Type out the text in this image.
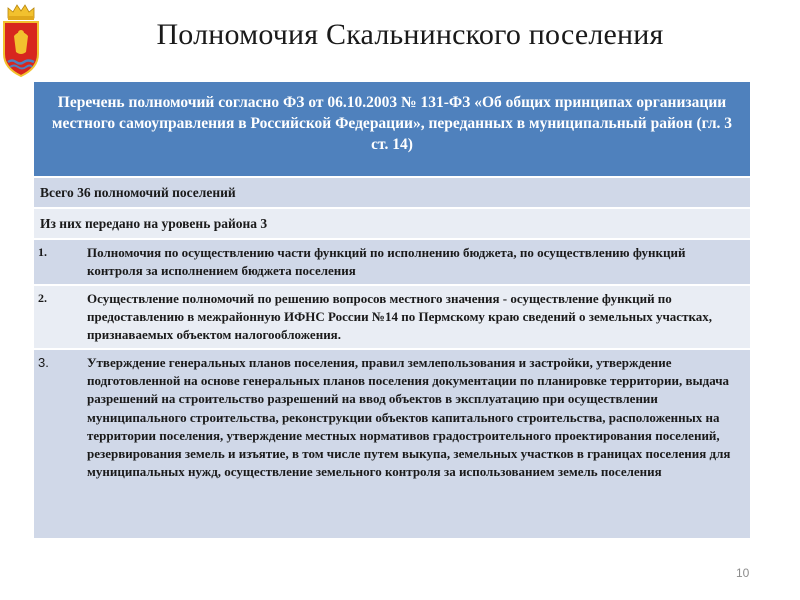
Полномочия Скальнинского поселения
Перечень полномочий согласно ФЗ от 06.10.2003 № 131-ФЗ «Об общих принципах организации местного самоуправления в Российской Федерации», переданных в муниципальный район (гл. 3 ст. 14)
Всего 36 полномочий поселений
Из них передано на уровень района 3
1.	Полномочия по осуществлению части функций по исполнению бюджета, по осуществлению функций контроля за исполнением бюджета поселения
2.	Осуществление полномочий по решению вопросов местного значения - осуществление функций по предоставлению в межрайонную ИФНС России №14 по Пермскому краю сведений о земельных участках, признаваемых объектом налогообложения.
3.	Утверждение генеральных планов поселения, правил землепользования и застройки, утверждение подготовленной на основе генеральных планов поселения документации по планировке территории, выдача разрешений на строительство разрешений на ввод объектов в эксплуатацию при осуществлении муниципального строительства, реконструкции объектов капитального строительства, расположенных на территории поселения, утверждение местных нормативов градостроительного проектирования поселений, резервирования земель и изъятие, в том числе путем выкупа, земельных участков в границах поселения для муниципальных нужд, осуществление земельного контроля за использованием земель поселения
10
